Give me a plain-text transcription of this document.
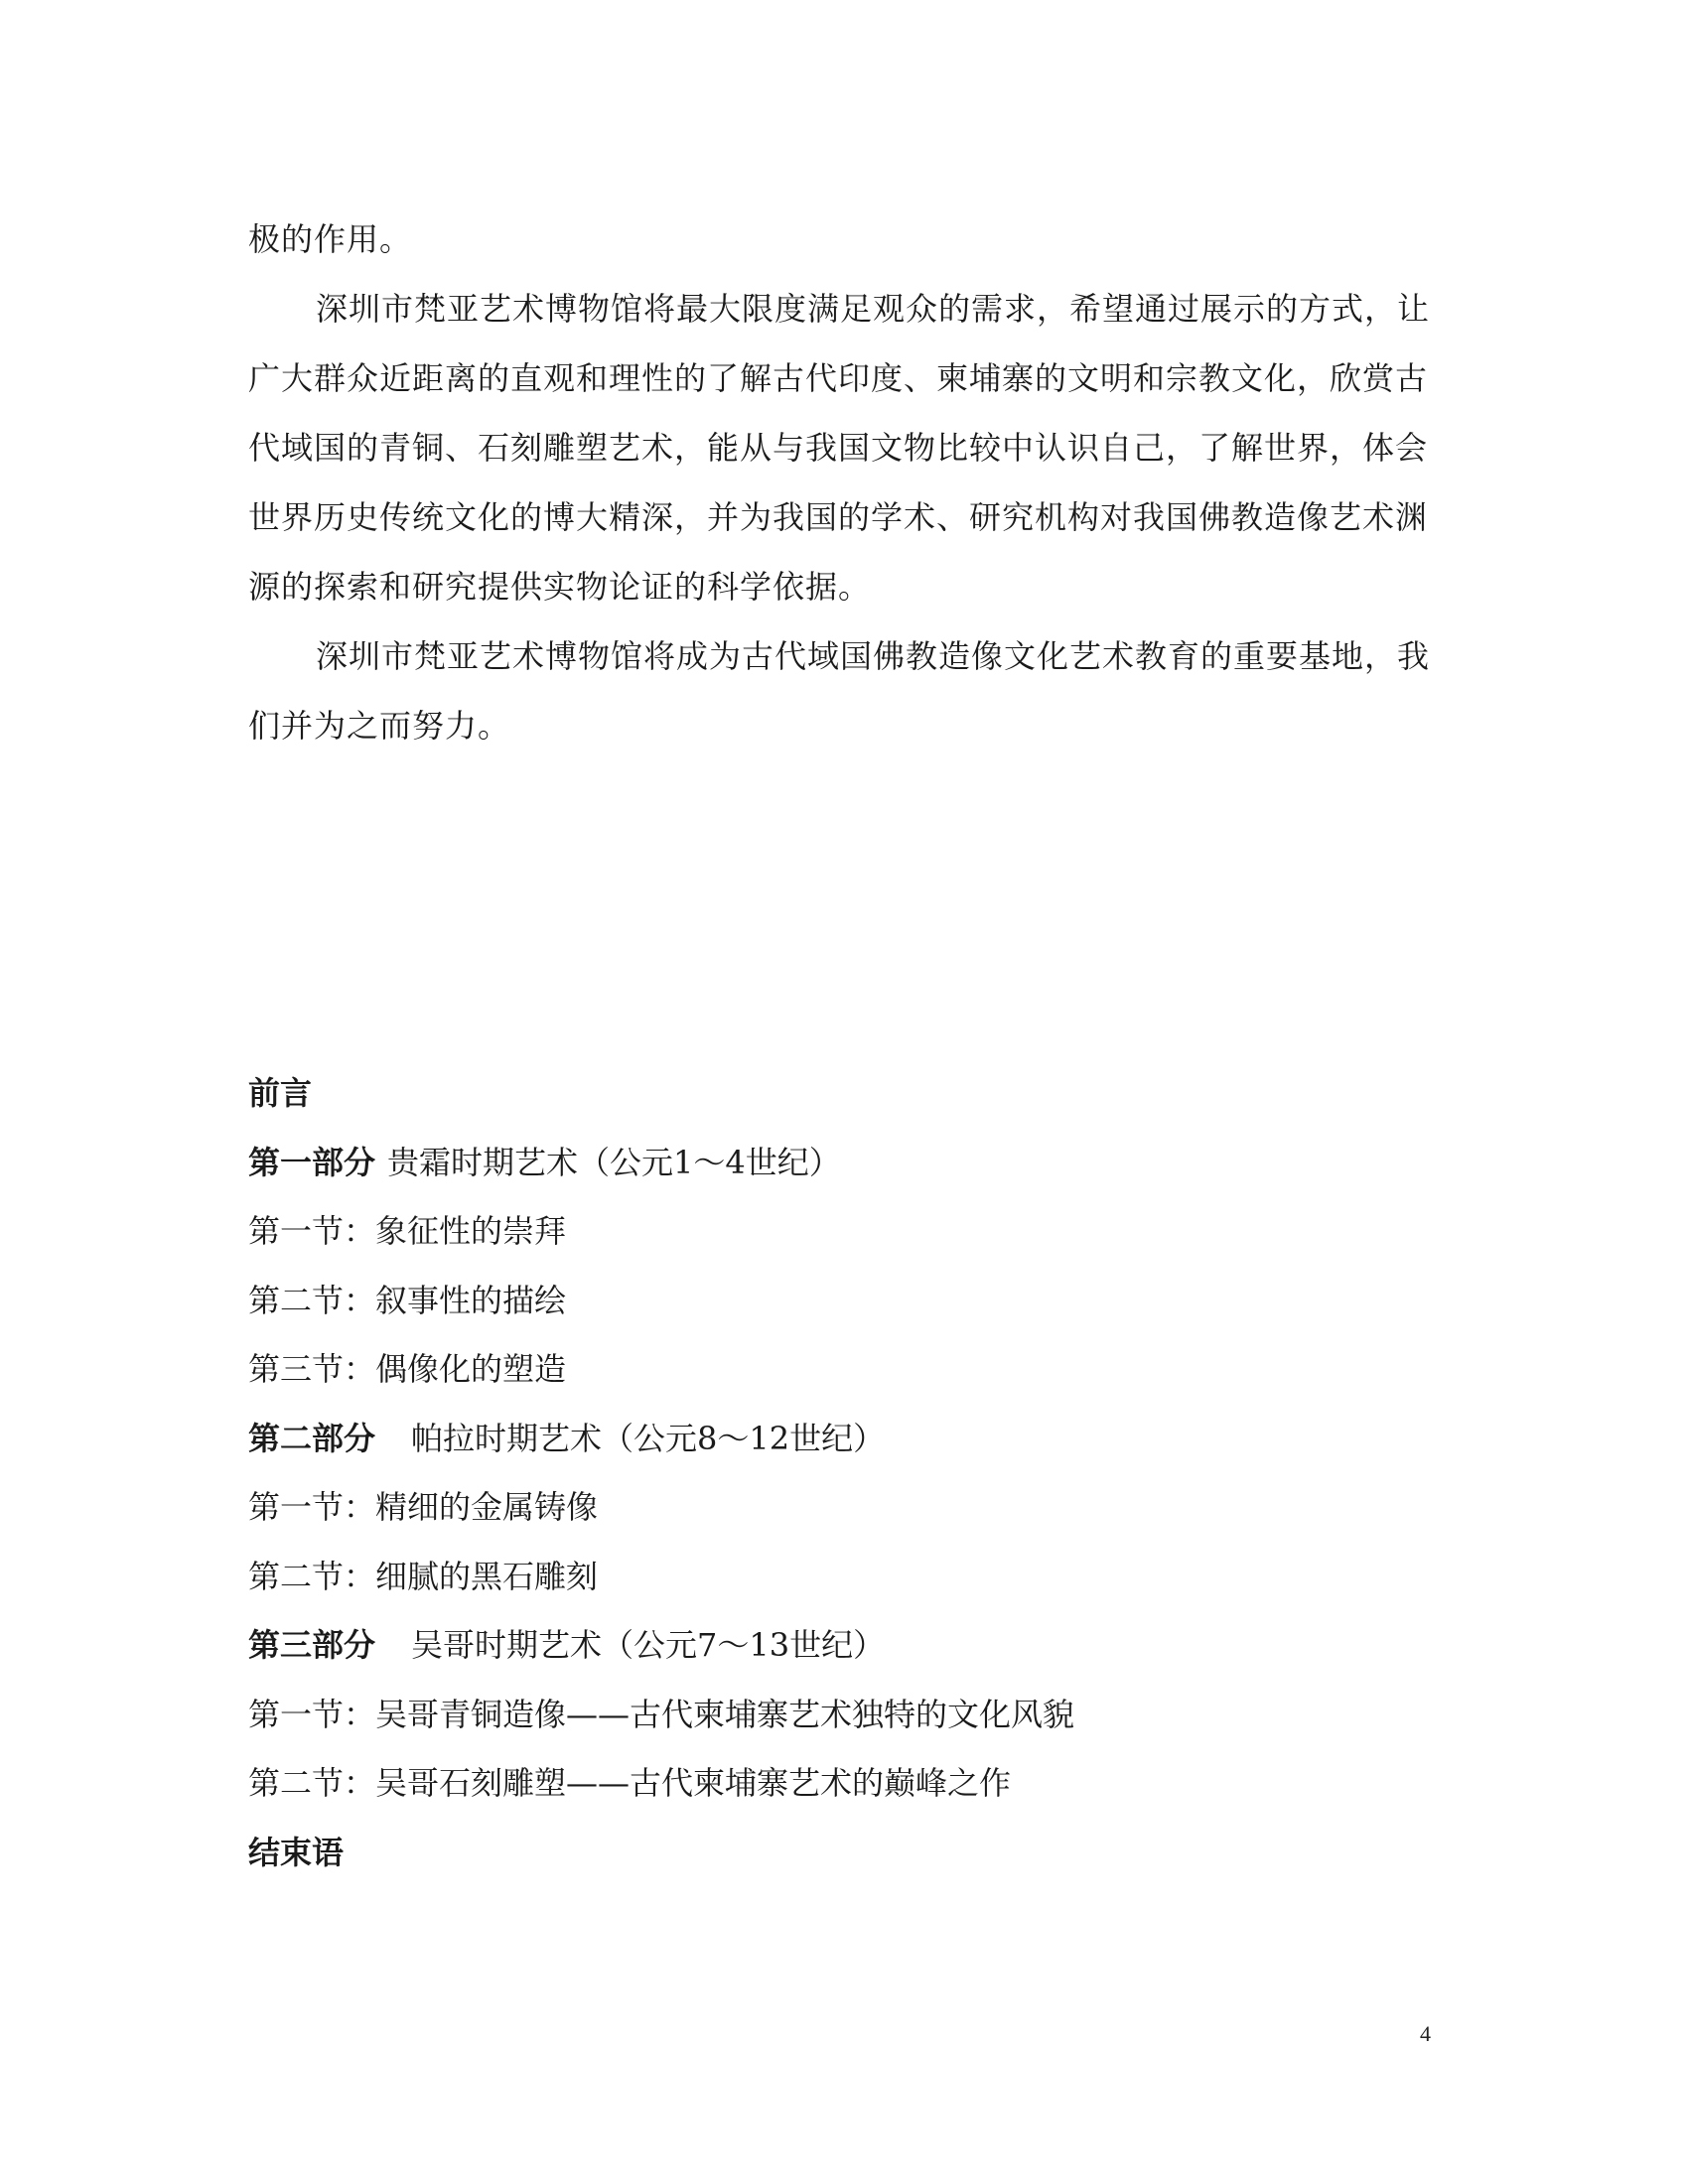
极的作用。

深圳市梵亚艺术博物馆将最大限度满足观众的需求，希望通过展示的方式，让广大群众近距离的直观和理性的了解古代印度、柬埔寨的文明和宗教文化，欣赏古代域国的青铜、石刻雕塑艺术，能从与我国文物比较中认识自己，了解世界，体会世界历史传统文化的博大精深，并为我国的学术、研究机构对我国佛教造像艺术渊源的探索和研究提供实物论证的科学依据。

深圳市梵亚艺术博物馆将成为古代域国佛教造像文化艺术教育的重要基地，我们并为之而努力。

前言
第一部分 贵霜时期艺术（公元1～4世纪）
第一节：象征性的崇拜
第二节：叙事性的描绘
第三节：偶像化的塑造
第二部分 帕拉时期艺术（公元8～12世纪）
第一节：精细的金属铸像
第二节：细腻的黑石雕刻
第三部分 吴哥时期艺术（公元7～13世纪）
第一节：吴哥青铜造像——古代柬埔寨艺术独特的文化风貌
第二节：吴哥石刻雕塑——古代柬埔寨艺术的巅峰之作
结束语
4
